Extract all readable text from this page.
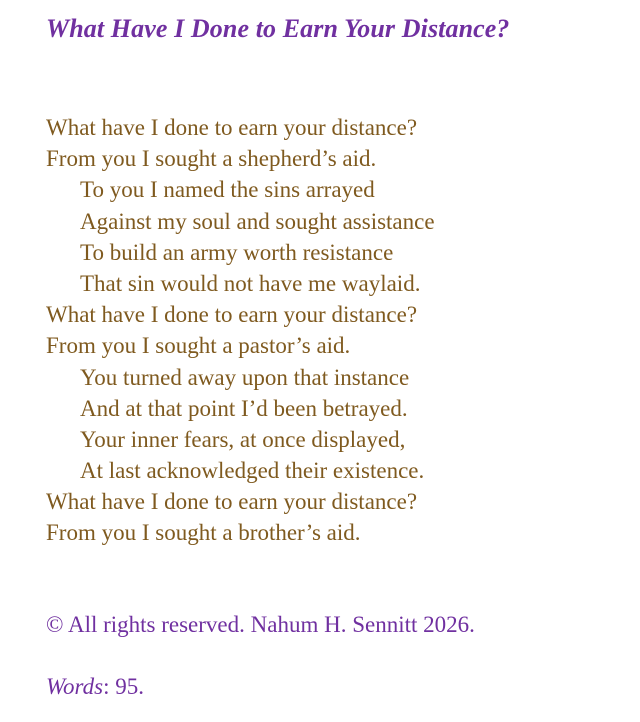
What Have I Done to Earn Your Distance?
What have I done to earn your distance?
From you I sought a shepherd’s aid.
To you I named the sins arrayed
Against my soul and sought assistance
To build an army worth resistance
That sin would not have me waylaid.
What have I done to earn your distance?
From you I sought a pastor’s aid.
You turned away upon that instance
And at that point I’d been betrayed.
Your inner fears, at once displayed,
At last acknowledged their existence.
What have I done to earn your distance?
From you I sought a brother’s aid.
© All rights reserved. Nahum H. Sennitt 2026.
Words: 95.
